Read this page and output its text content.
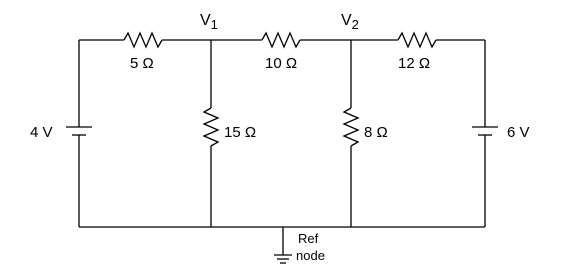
$V_1$	$V_2$
5 Ω	10 Ω	12 Ω
15 Ω	8 Ω
4 V	6 V
Ref
node
